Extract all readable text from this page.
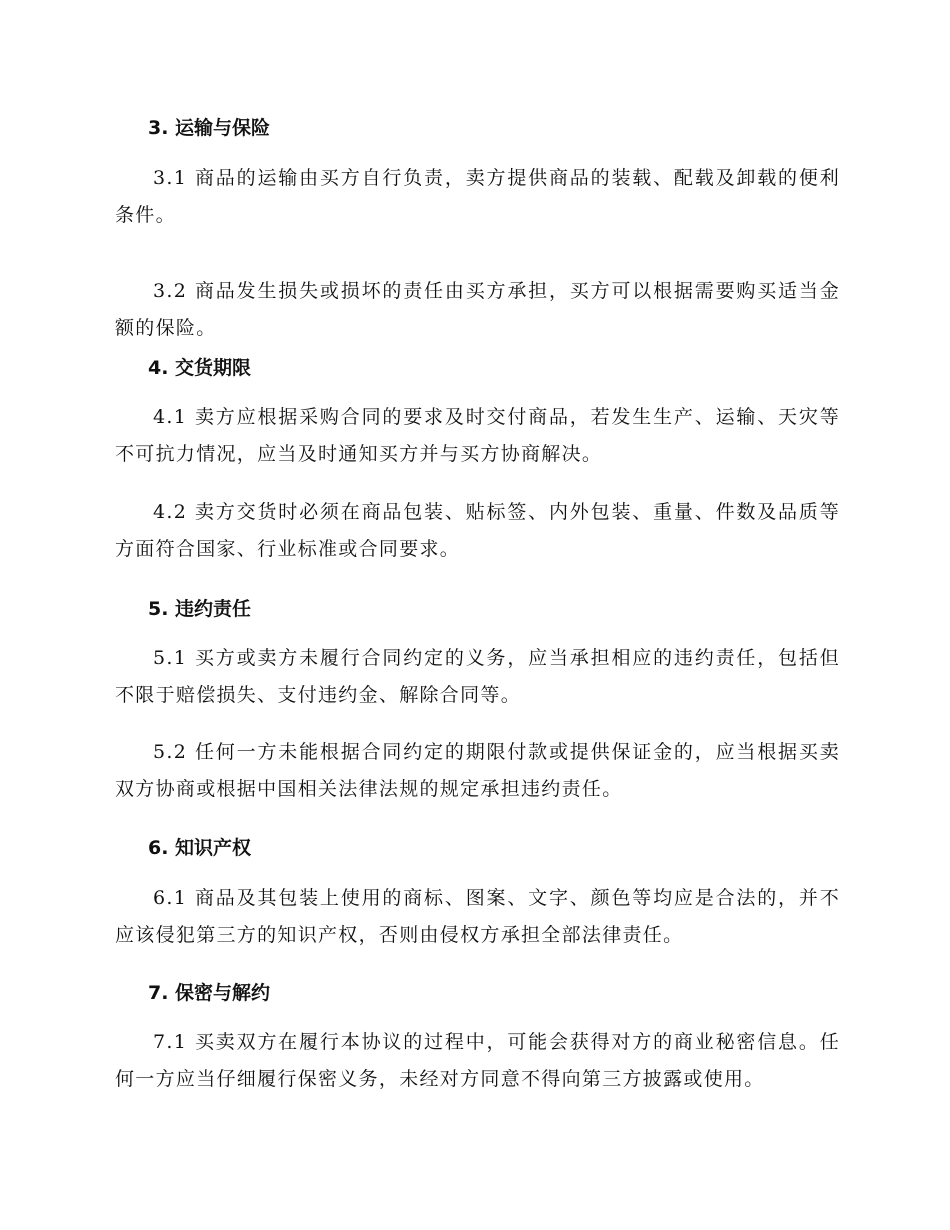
3. 运输与保险
3.1 商品的运输由买方自行负责，卖方提供商品的装载、配载及卸载的便利条件。
3.2 商品发生损失或损坏的责任由买方承担，买方可以根据需要购买适当金额的保险。
4. 交货期限
4.1 卖方应根据采购合同的要求及时交付商品，若发生生产、运输、天灾等不可抗力情况，应当及时通知买方并与买方协商解决。
4.2 卖方交货时必须在商品包装、贴标签、内外包装、重量、件数及品质等方面符合国家、行业标准或合同要求。
5. 违约责任
5.1 买方或卖方未履行合同约定的义务，应当承担相应的违约责任，包括但不限于赔偿损失、支付违约金、解除合同等。
5.2 任何一方未能根据合同约定的期限付款或提供保证金的，应当根据买卖双方协商或根据中国相关法律法规的规定承担违约责任。
6. 知识产权
6.1 商品及其包装上使用的商标、图案、文字、颜色等均应是合法的，并不应该侵犯第三方的知识产权，否则由侵权方承担全部法律责任。
7. 保密与解约
7.1 买卖双方在履行本协议的过程中，可能会获得对方的商业秘密信息。任何一方应当仔细履行保密义务，未经对方同意不得向第三方披露或使用。
